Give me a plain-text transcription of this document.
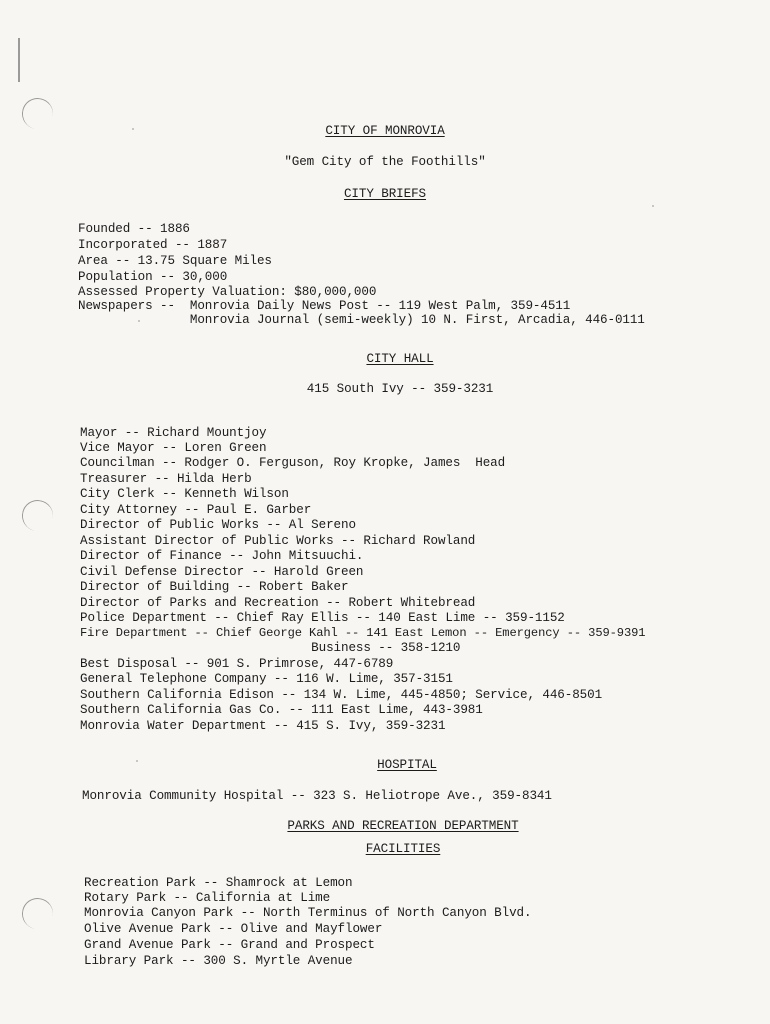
CITY OF MONROVIA
"Gem City of the Foothills"
CITY BRIEFS
Founded -- 1886
Incorporated -- 1887
Area -- 13.75 Square Miles
Population -- 30,000
Assessed Property Valuation: $80,000,000
Newspapers --  Monrovia Daily News Post -- 119 West Palm, 359-4511
Monrovia Journal (semi-weekly) 10 N. First, Arcadia, 446-0111
CITY HALL
415 South Ivy -- 359-3231
Mayor -- Richard Mountjoy
Vice Mayor -- Loren Green
Councilman -- Rodger O. Ferguson, Roy Kropke, James  Head
Treasurer -- Hilda Herb
City Clerk -- Kenneth Wilson
City Attorney -- Paul E. Garber
Director of Public Works -- Al Sereno
Assistant Director of Public Works -- Richard Rowland
Director of Finance -- John Mitsuuchi.
Civil Defense Director -- Harold Green
Director of Building -- Robert Baker
Director of Parks and Recreation -- Robert Whitebread
Police Department -- Chief Ray Ellis -- 140 East Lime -- 359-1152
Fire Department -- Chief George Kahl -- 141 East Lemon -- Emergency -- 359-9391
Business -- 358-1210
Best Disposal -- 901 S. Primrose, 447-6789
General Telephone Company -- 116 W. Lime, 357-3151
Southern California Edison -- 134 W. Lime, 445-4850; Service, 446-8501
Southern California Gas Co. -- 111 East Lime, 443-3981
Monrovia Water Department -- 415 S. Ivy, 359-3231
HOSPITAL
Monrovia Community Hospital -- 323 S. Heliotrope Ave., 359-8341
PARKS AND RECREATION DEPARTMENT
FACILITIES
Recreation Park -- Shamrock at Lemon
Rotary Park -- California at Lime
Monrovia Canyon Park -- North Terminus of North Canyon Blvd.
Olive Avenue Park -- Olive and Mayflower
Grand Avenue Park -- Grand and Prospect
Library Park -- 300 S. Myrtle Avenue
